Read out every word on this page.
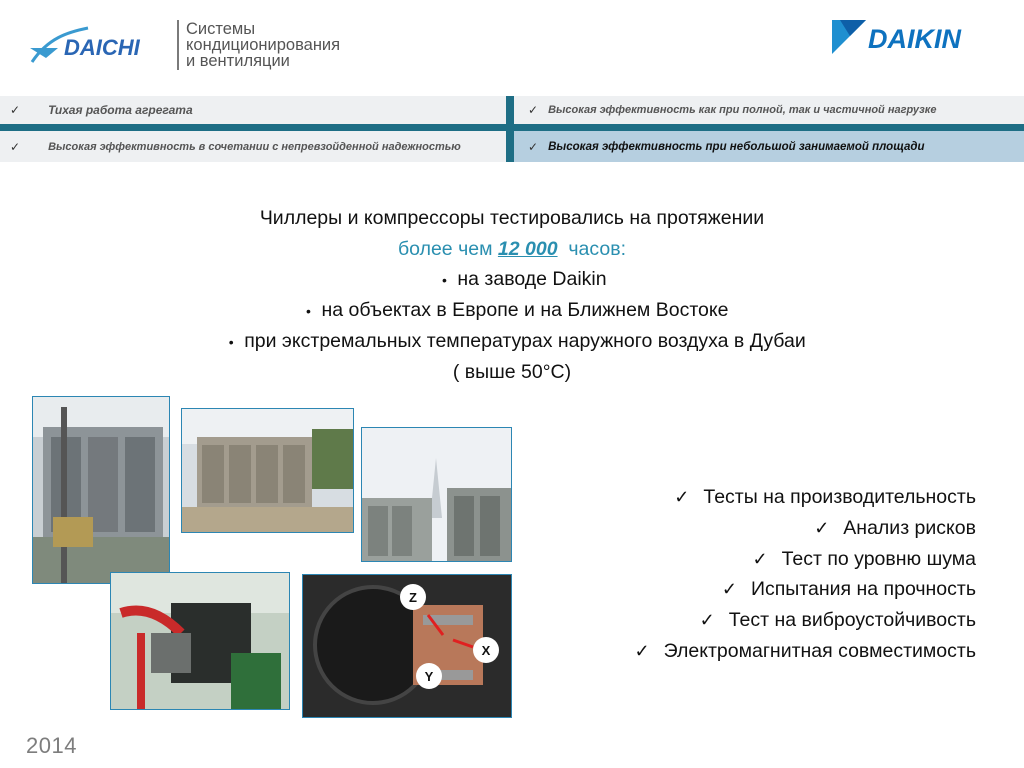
DAICHI
Системы
кондиционирования
и вентиляции
DAIKIN
✓ Тихая работа агрегата
✓	Высокая эффективность в сочетании с непревзойденной надежностью
✓ Высокая эффективность как при полной, так и частичной нагрузке
✓ Высокая эффективность при небольшой занимаемой площади
Чиллеры и компрессоры тестировались на протяжении
более чем 12 000  часов:
• на заводе Daikin
• на объектах в Европе и на Ближнем Востоке
• при экстремальных температурах наружного воздуха в Дубаи
( выше 50°C)
Z
X
Y
✓ Тесты на производительность
✓ Анализ рисков
✓ Тест по уровню шума
✓ Испытания на прочность
✓ Тест на виброустойчивость
✓ Электромагнитная совместимость
2014
